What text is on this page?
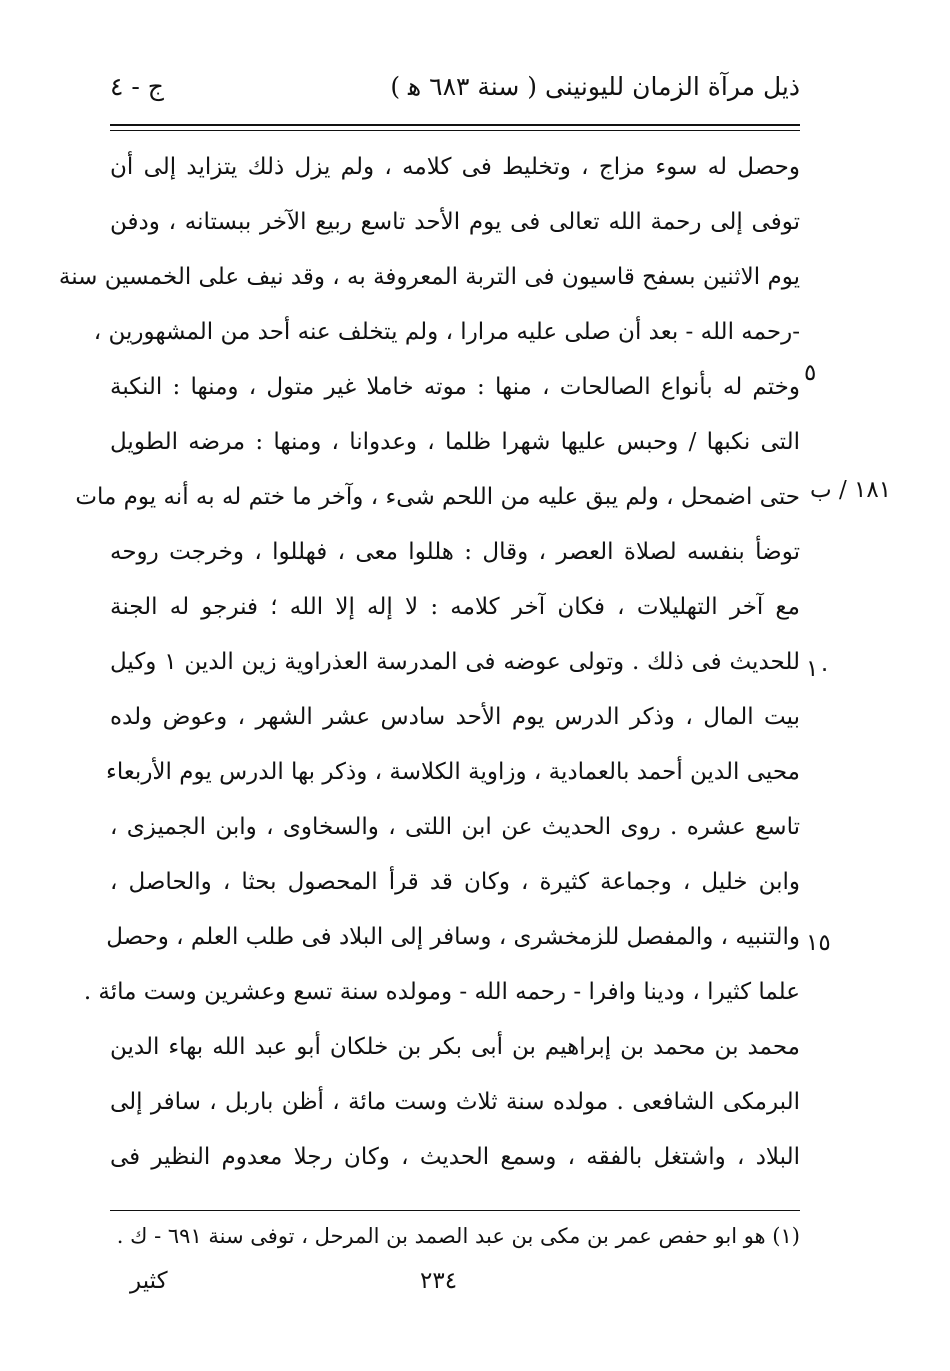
ذيل مرآة الزمان لليونينى ( سنة ٦٨٣ ﻫ )
ج - ٤
٥
١٨١ / ب
١٠
١٥
وحصل له سوء مزاج ، وتخليط فى كلامه ، ولم يزل ذلك يتزايد إلى أن
توفى إلى رحمة الله تعالى فى يوم الأحد تاسع ربيع الآخر ببستانه ، ودفن
يوم الاثنين بسفح قاسيون فى التربة المعروفة به ، وقد نيف على الخمسين سنة
-رحمه الله - بعد أن صلى عليه مرارا ، ولم يتخلف عنه أحد من المشهورين ،
وختم له بأنواع الصالحات ، منها : موته خاملا غير متول ، ومنها : النكبة
التى نكبها / وحبس عليها شهرا ظلما ، وعدوانا ، ومنها : مرضه الطويل
حتى اضمحل ، ولم يبق عليه من اللحم شىء ، وآخر ما ختم له به أنه يوم مات
توضأ بنفسه لصلاة العصر ، وقال : هللوا معى ، فهللوا ، وخرجت روحه
مع آخر التهليلات ، فكان آخر كلامه : لا إله إلا الله ؛ فنرجو له الجنة
للحديث فى ذلك . وتولى عوضه فى المدرسة العذراوية زين الدين ١ وكيل
بيت المال ، وذكر الدرس يوم الأحد سادس عشر الشهر ، وعوض ولده
محيى الدين أحمد بالعمادية ، وزاوية الكلاسة ، وذكر بها الدرس يوم الأربعاء
تاسع عشره . روى الحديث عن ابن اللتى ، والسخاوى ، وابن الجميزى ،
وابن خليل ، وجماعة كثيرة ، وكان قد قرأ المحصول بحثا ، والحاصل ،
والتنبيه ، والمفصل للزمخشرى ، وسافر إلى البلاد فى طلب العلم ، وحصل
علما كثيرا ، ودينا وافرا - رحمه الله - ومولده سنة تسع وعشرين وست مائة .
محمد بن محمد بن إبراهيم بن أبى بكر بن خلكان أبو عبد الله بهاء الدين
البرمكى الشافعى . مولده سنة ثلاث وست مائة ، أظن باربل ، سافر إلى
البلاد ، واشتغل بالفقه ، وسمع الحديث ، وكان رجلا معدوم النظير فى
(١) هو ابو حفص عمر بن مكى بن عبد الصمد بن المرحل ، توفى سنة ٦٩١ - ك .
كثير	٢٣٤
